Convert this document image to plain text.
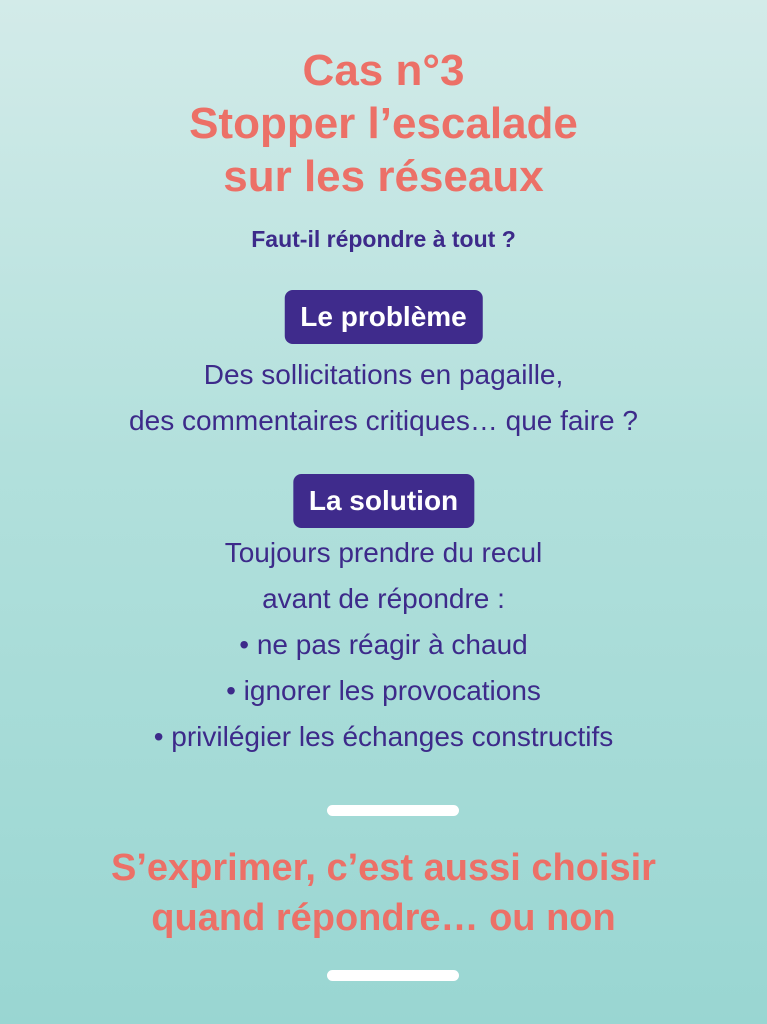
Cas n°3
Stopper l’escalade
sur les réseaux
Faut-il répondre à tout ?
Le problème
Des sollicitations en pagaille,
des commentaires critiques… que faire ?
La solution
Toujours prendre du recul
avant de répondre :
• ne pas réagir à chaud
• ignorer les provocations
• privilégier les échanges constructifs
S’exprimer, c’est aussi choisir
quand répondre… ou non
